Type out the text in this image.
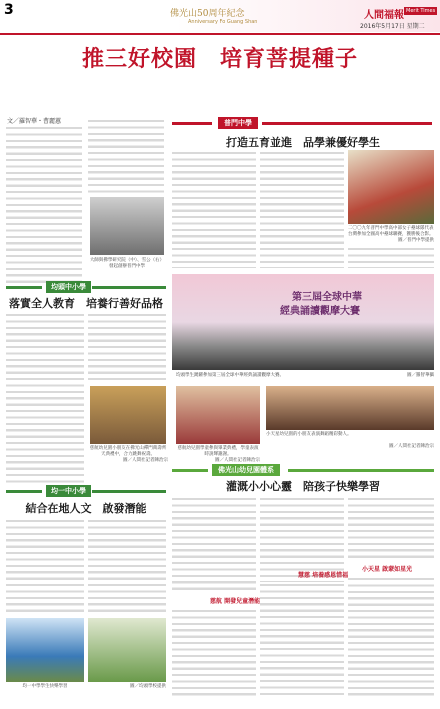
3	佛光山50周年紀念
Anniversary Fo Guang Shan
人間福報 Merit Times
2016年5月17日 星期二
推三好校園　培育菩提種子
文／羅智華・曹麗蕙
大師與佛學研究院（中）、雪公（右）發起創辦普門中學
普門中學
打造五育並進　品學兼優好學生
二〇〇九年普門中學高中部女子壘球隊代表台灣參加全國高中壘球聯賽，獲勝後合影。
圖／普門中學提供
均頭中小學
落實全人教育　培養行善好品格	第三屆全球中華
經典誦讀觀摩大賽
均頭學生踴躍參加第三屆全球中華經典誦讀觀摩大賽。	圖／羅智華攝
慈航幼兒園小朋友在佛光山禪門萬壽齊天典禮中，合力跳舞祝壽。
圖／人間社記者陳治宗
慈航幼兒園學童參與畢業典禮，學童表演時說聲謝謝。
圖／人間社記者陳治宗
小天星幼兒園的小朋友表演舞蹈精彩動人。
圖／人間社記者陳治宗
均一中小學
結合在地人文　啟發潛能
均一中學學生快樂學習	圖／均頭學校提供
佛光山幼兒園體系
灌溉小小心靈　陪孩子快樂學習
慈航 開發兒童潛能
慧慈 培養感恩惜福
小天星 啟蒙如星光
